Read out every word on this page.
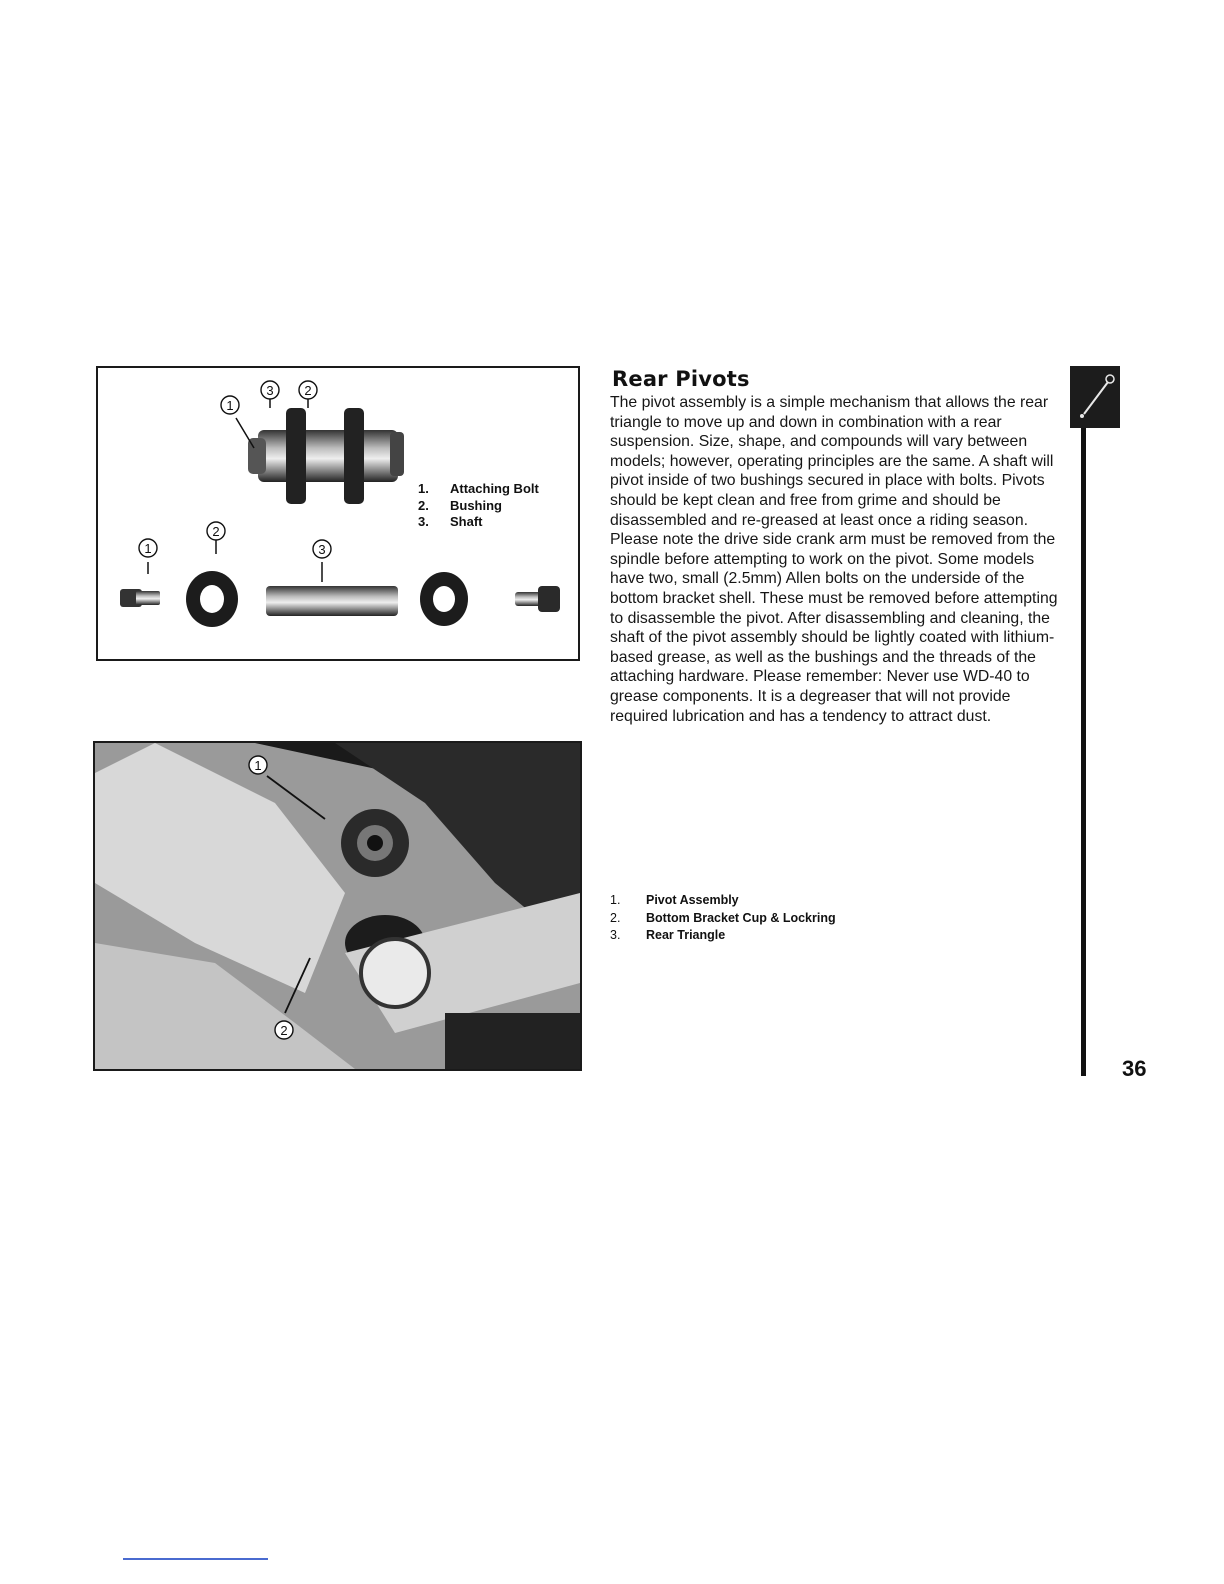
1
3 2
1
2
3
1. Attaching Bolt
2. Bushing
3. Shaft
1
2
Rear Pivots
The pivot assembly is a simple mechanism that allows the rear triangle to move up and down in combination with a rear suspension. Size, shape, and compounds will vary between models; however, operating principles are the same. A shaft will pivot inside of two bushings secured in place with bolts. Pivots should be kept clean and free from grime and should be disassembled and re-greased at least once a riding season. Please note the drive side crank arm must be removed from the spindle before attempting to work on the pivot. Some models have two, small (2.5mm) Allen bolts on the underside of the bottom bracket shell. These must be removed before attempting to disassemble the pivot. After disassembling and cleaning, the shaft of the pivot assembly should be lightly coated with lithium-based grease, as well as the bushings and the threads of the attaching hardware. Please remember: Never use WD-40 to grease components. It is a degreaser that will not provide required lubrication and has a tendency to attract dust.
1. Pivot Assembly
2. Bottom Bracket Cup & Lockring
3. Rear Triangle
36
